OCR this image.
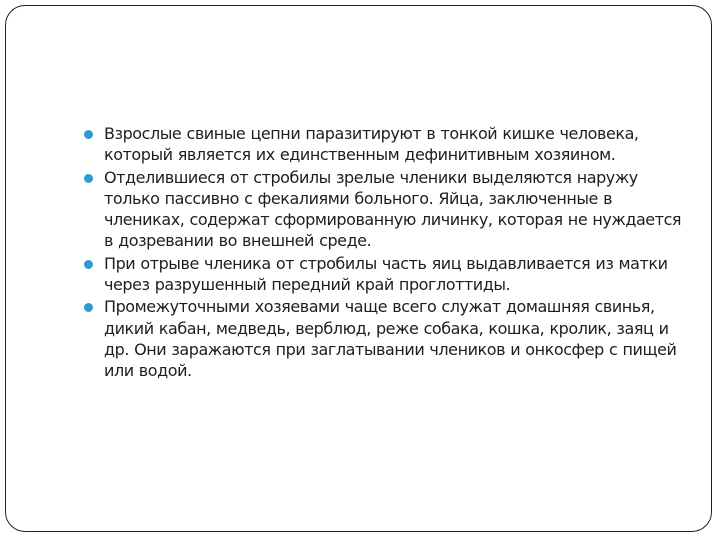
Взрослые свиные цепни паразитируют в тонкой кишке человека, который является их единственным дефинитивным хозяином.
Отделившиеся от стробилы зрелые членики выделяются наружу только пассивно с фекалиями больного. Яйца, заключенные в члениках, содержат сформированную личинку, которая не нуждается в дозревании во внешней среде.
При отрыве членика от стробилы часть яиц выдавливается из матки через разрушенный передний край проглоттиды.
Промежуточными хозяевами чаще всего служат домашняя свинья, дикий кабан, медведь, верблюд, реже собака, кошка, кролик, заяц и др. Они заражаются при заглатывании члеников и онкосфер с пищей или водой.
